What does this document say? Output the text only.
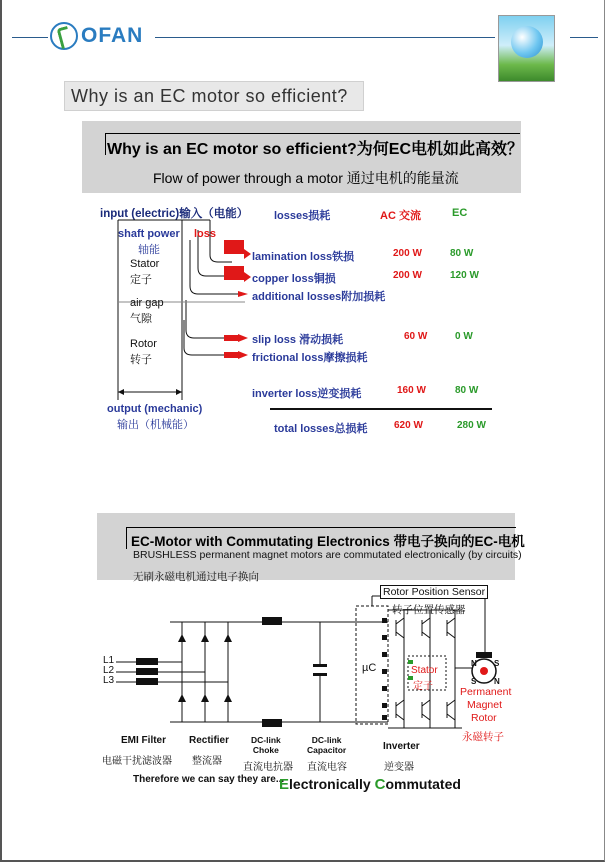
OFAN
Why is an EC motor so efficient?
Why is an EC motor so efficient?为何EC电机如此高效？
Flow of power through a motor 通过电机的能量流
input (electric)输入（电能）
shaft power
轴能
loss
Stator
定子
air gap
气隙
Rotor
转子
output (mechanic)
输出（机械能）
losses损耗	AC 交流	EC
lamination loss铁损	200 W	80 W
copper loss铜损	200 W	120 W
additional losses附加损耗
slip loss 滑动损耗	60 W	0 W
frictional loss摩擦损耗
inverter loss逆变损耗	160 W	80 W
total losses总损耗	620 W	280 W
EC-Motor with Commutating Electronics 带电子换向的EC-电机
BRUSHLESS permanent magnet motors are commutated electronically (by circuits)
无刷永磁电机通过电子换向
Rotor Position Sensor
转子位置传感器
L1
L2
L3
µC	Stator
定子
N S
S N
Permanent
Magnet
Rotor
永磁转子
EMI Filter
电磁干扰滤波器
Rectifier
整流器
DC-link
Choke
直流电抗器
DC-link
Capacitor
直流电容
Inverter
逆变器
Therefore we can say they are...
Electronically Commutated
